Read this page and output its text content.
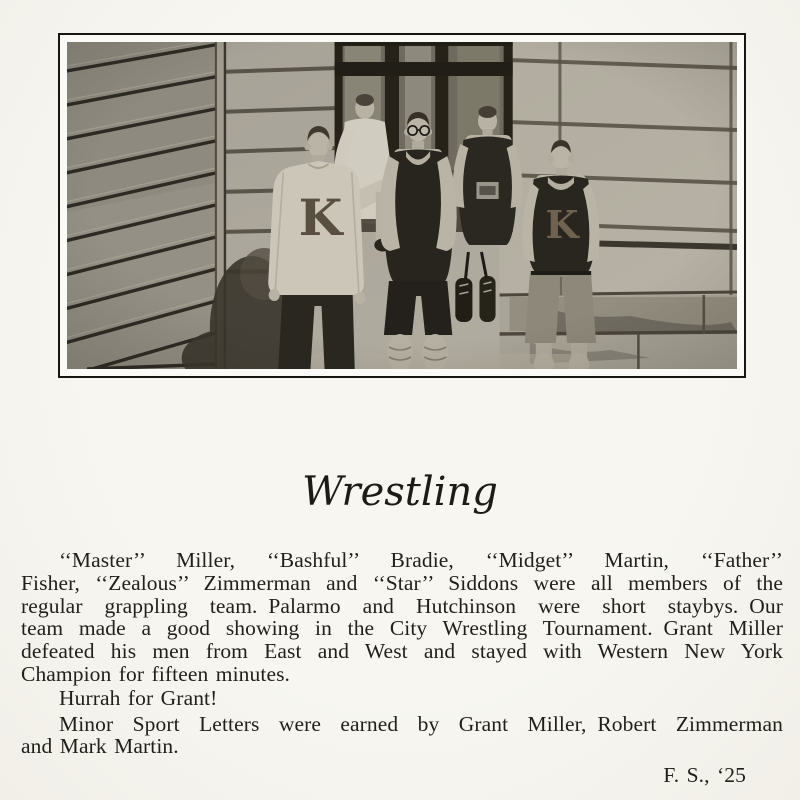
Wrestling

‘‘Master’’ Miller, ‘‘Bashful’’ Bradie, ‘‘Midget’’ Martin, ‘‘Father’’
Fisher, ‘‘Zealous’’ Zimmerman and ‘‘Star’’ Siddons were all members of the
regular grappling team. Palarmo and Hutchinson were short staybys. Our
team made a good showing in the City Wrestling Tournament. Grant Miller
defeated his men from East and West and stayed with Western New York
Champion for fifteen minutes.

Hurrah for Grant!

Minor Sport Letters were earned by Grant Miller, Robert Zimmerman
and Mark Martin.

F. S., ‘25
